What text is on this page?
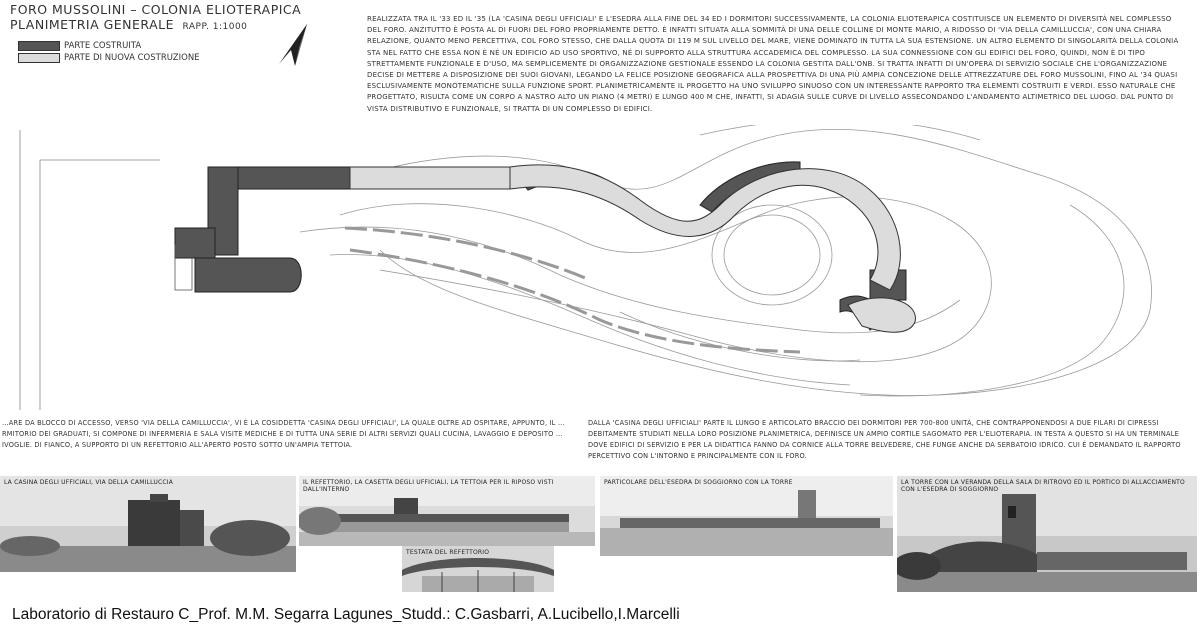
FORO MUSSOLINI – COLONIA ELIOTERAPICA
PLANIMETRIA GENERALE RAPP. 1:1000
PARTE COSTRUITA
PARTE DI NUOVA COSTRUZIONE
REALIZZATA TRA IL '33 ED IL '35 (LA 'CASINA DEGLI UFFICIALI' E L'ESEDRA ALLA FINE DEL 34 ED I DORMITORI SUCCESSIVAMENTE, LA COLONIA ELIOTERAPICA COSTITUISCE UN ELEMENTO DI DIVERSITÀ NEL COMPLESSO DEL FORO. ANZITUTTO È POSTA AL DI FUORI DEL FORO PROPRIAMENTE DETTO. È INFATTI SITUATA ALLA SOMMITÀ DI UNA DELLE COLLINE DI MONTE MARIO, A RIDOSSO DI 'VIA DELLA CAMILLUCCIA', CON UNA CHIARA RELAZIONE, QUANTO MENO PERCETTIVA, COL FORO STESSO, CHE DALLA QUOTA DI 119 M SUL LIVELLO DEL MARE, VIENE DOMINATO IN TUTTA LA SUA ESTENSIONE. UN ALTRO ELEMENTO DI SINGOLARITÀ DELLA COLONIA STA NEL FATTO CHE ESSA NON È NÉ UN EDIFICIO AD USO SPORTIVO, NÉ DI SUPPORTO ALLA STRUTTURA ACCADEMICA DEL COMPLESSO. LA SUA CONNESSIONE CON GLI EDIFICI DEL FORO, QUINDI, NON È DI TIPO STRETTAMENTE FUNZIONALE E D'USO, MA SEMPLICEMENTE DI ORGANIZZAZIONE GESTIONALE ESSENDO LA COLONIA GESTITA DALL'ONB. SI TRATTA INFATTI DI UN'OPERA DI SERVIZIO SOCIALE CHE L'ORGANIZZAZIONE DECISE DI METTERE A DISPOSIZIONE DEI SUOI GIOVANI, LEGANDO LA FELICE POSIZIONE GEOGRAFICA ALLA PROSPETTIVA DI UNA PIÙ AMPIA CONCEZIONE DELLE ATTREZZATURE DEL FORO MUSSOLINI, FINO AL '34 QUASI ESCLUSIVAMENTE MONOTEMATICHE SULLA FUNZIONE SPORT. PLANIMETRICAMENTE IL PROGETTO HA UNO SVILUPPO SINUOSO CON UN INTERESSANTE RAPPORTO TRA ELEMENTI COSTRUITI E VERDI. ESSO NATURALE CHE PROGETTATO, RISULTA COME UN CORPO A NASTRO ALTO UN PIANO (4 METRI) E LUNGO 400 M CHE, INFATTI, SI ADAGIA SULLE CURVE DI LIVELLO ASSECONDANDO L'ANDAMENTO ALTIMETRICO DEL LUOGO. DAL PUNTO DI VISTA DISTRIBUTIVO E FUNZIONALE, SI TRATTA DI UN COMPLESSO DI EDIFICI.
…ARE DA BLOCCO DI ACCESSO, VERSO 'VIA DELLA CAMILLUCCIA', VI È LA COSIDDETTA 'CASINA DEGLI UFFICIALI', LA QUALE OLTRE AD OSPITARE, APPUNTO, IL …RMITORIO DEI GRADUATI, SI COMPONE DI INFERMERIA E SALA VISITE MEDICHE E DI TUTTA UNA SERIE DI ALTRI SERVIZI QUALI CUCINA, LAVAGGIO E DEPOSITO …IVOGLIE. DI FIANCO, A SUPPORTO DI UN REFETTORIO ALL'APERTO POSTO SOTTO UN'AMPIA TETTOIA.
DALLA 'CASINA DEGLI UFFICIALI' PARTE IL LUNGO E ARTICOLATO BRACCIO DEI DORMITORI PER 700-800 UNITÀ, CHE CONTRAPPONENDOSI A DUE FILARI DI CIPRESSI DEBITAMENTE STUDIATI NELLA LORO POSIZIONE PLANIMETRICA, DEFINISCE UN AMPIO CORTILE SAGOMATO PER L'ELIOTERAPIA. IN TESTA A QUESTO SI HA UN TERMINALE DOVE EDIFICI DI SERVIZIO E PER LA DIDATTICA FANNO DA CORNICE ALLA TORRE BELVEDERE, CHE FUNGE ANCHE DA SERBATOIO IDRICO. CUI È DEMANDATO IL RAPPORTO PERCETTIVO CON L'INTORNO E PRINCIPALMENTE CON IL FORO.
LA CASINA DEGLI UFFICIALI, VIA DELLA CAMILLUCCIA	IL REFETTORIO, LA CASETTA DEGLI UFFICIALI, LA TETTOIA PER IL RIPOSO VISTI DALL'INTERNO
TESTATA DEL REFETTORIO
PARTICOLARE DELL'ESEDRA DI SOGGIORNO CON LA TORRE	LA TORRE CON LA VERANDA DELLA SALA DI RITROVO ED IL PORTICO DI ALLACCIAMENTO CON L'ESEDRA DI SOGGIORNO
Laboratorio di Restauro C_Prof. M.M. Segarra Lagunes_Studd.: C.Gasbarri, A.Lucibello,I.Marcelli
